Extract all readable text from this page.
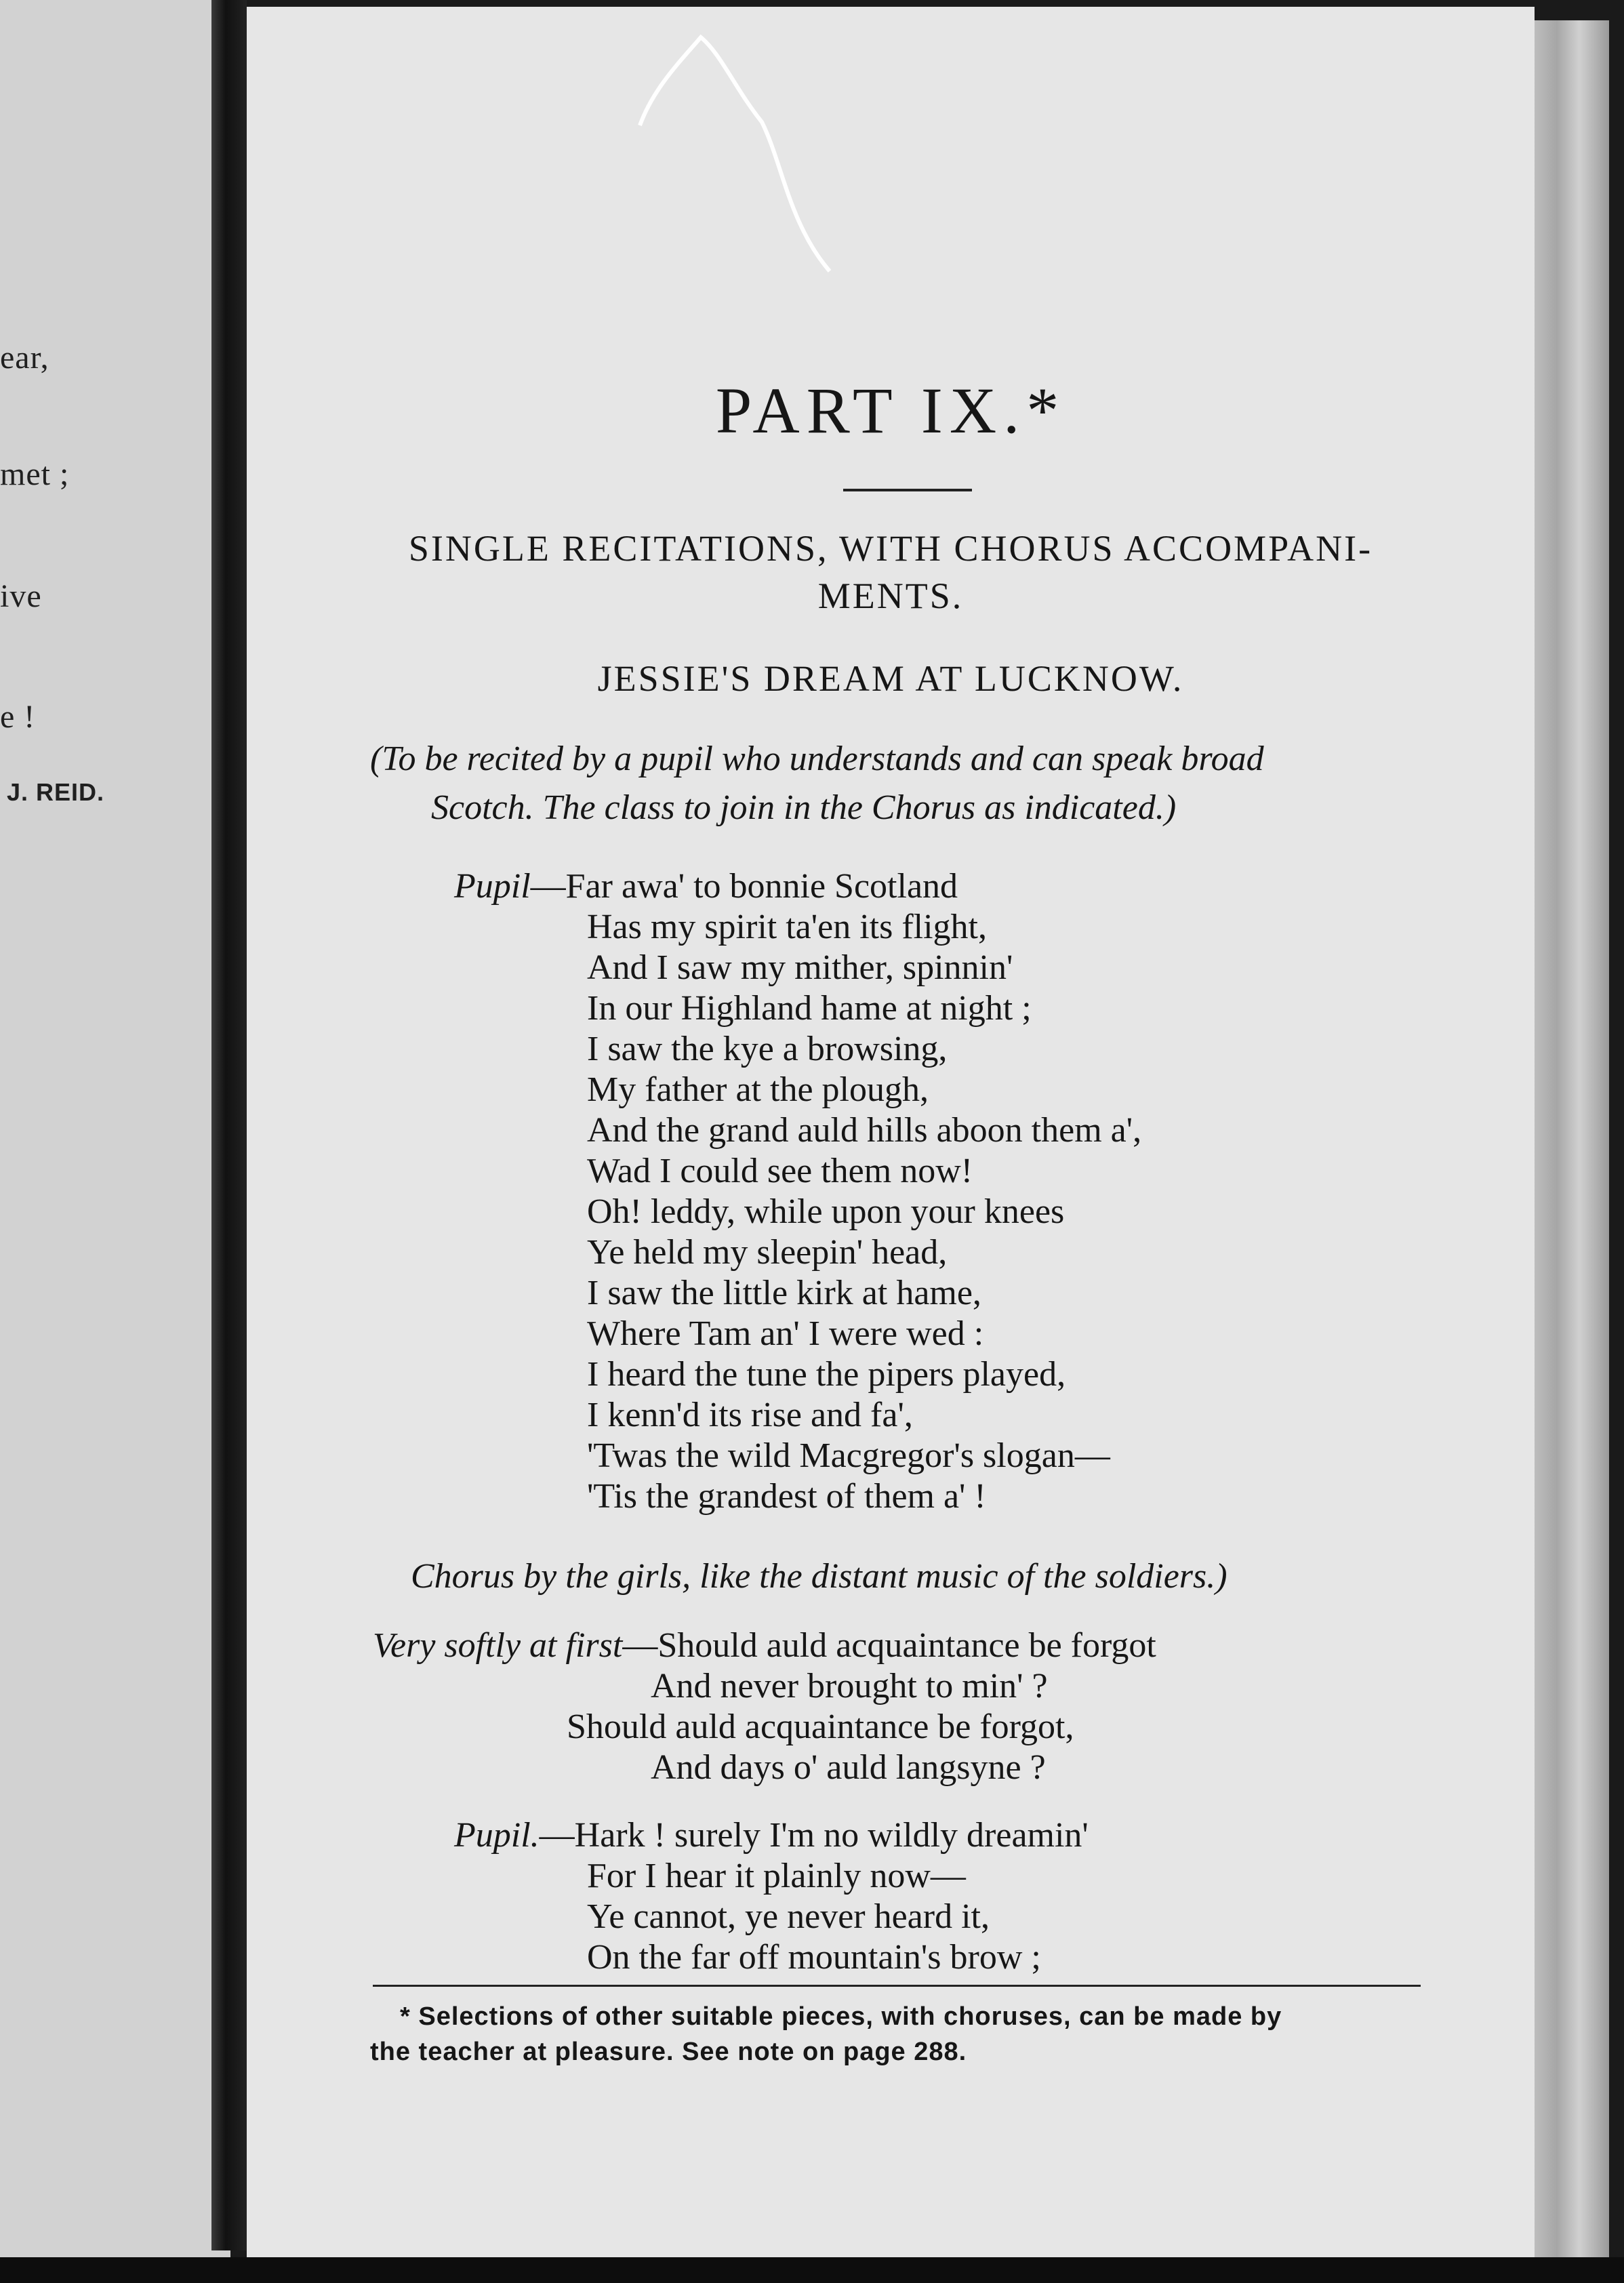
ear,
met ;
ive
e !
J. REID.
PART IX.*
SINGLE RECITATIONS, WITH CHORUS ACCOMPANI-
MENTS.
JESSIE'S DREAM AT LUCKNOW.
(To be recited by a pupil who understands and can speak broad
Scotch. The class to join in the Chorus as indicated.)
Pupil—Far awa' to bonnie Scotland
Has my spirit ta'en its flight,
And I saw my mither, spinnin'
In our Highland hame at night ;
I saw the kye a browsing,
My father at the plough,
And the grand auld hills aboon them a',
Wad I could see them now!
Oh! leddy, while upon your knees
Ye held my sleepin' head,
I saw the little kirk at hame,
Where Tam an' I were wed :
I heard the tune the pipers played,
I kenn'd its rise and fa',
'Twas the wild Macgregor's slogan—
'Tis the grandest of them a' !
Chorus by the girls, like the distant music of the soldiers.)
Very softly at first—Should auld acquaintance be forgot
And never brought to min' ?
Should auld acquaintance be forgot,
And days o' auld langsyne ?
Pupil.—Hark ! surely I'm no wildly dreamin'
For I hear it plainly now—
Ye cannot, ye never heard it,
On the far off mountain's brow ;
* Selections of other suitable pieces, with choruses, can be made by
the teacher at pleasure. See note on page 288.
